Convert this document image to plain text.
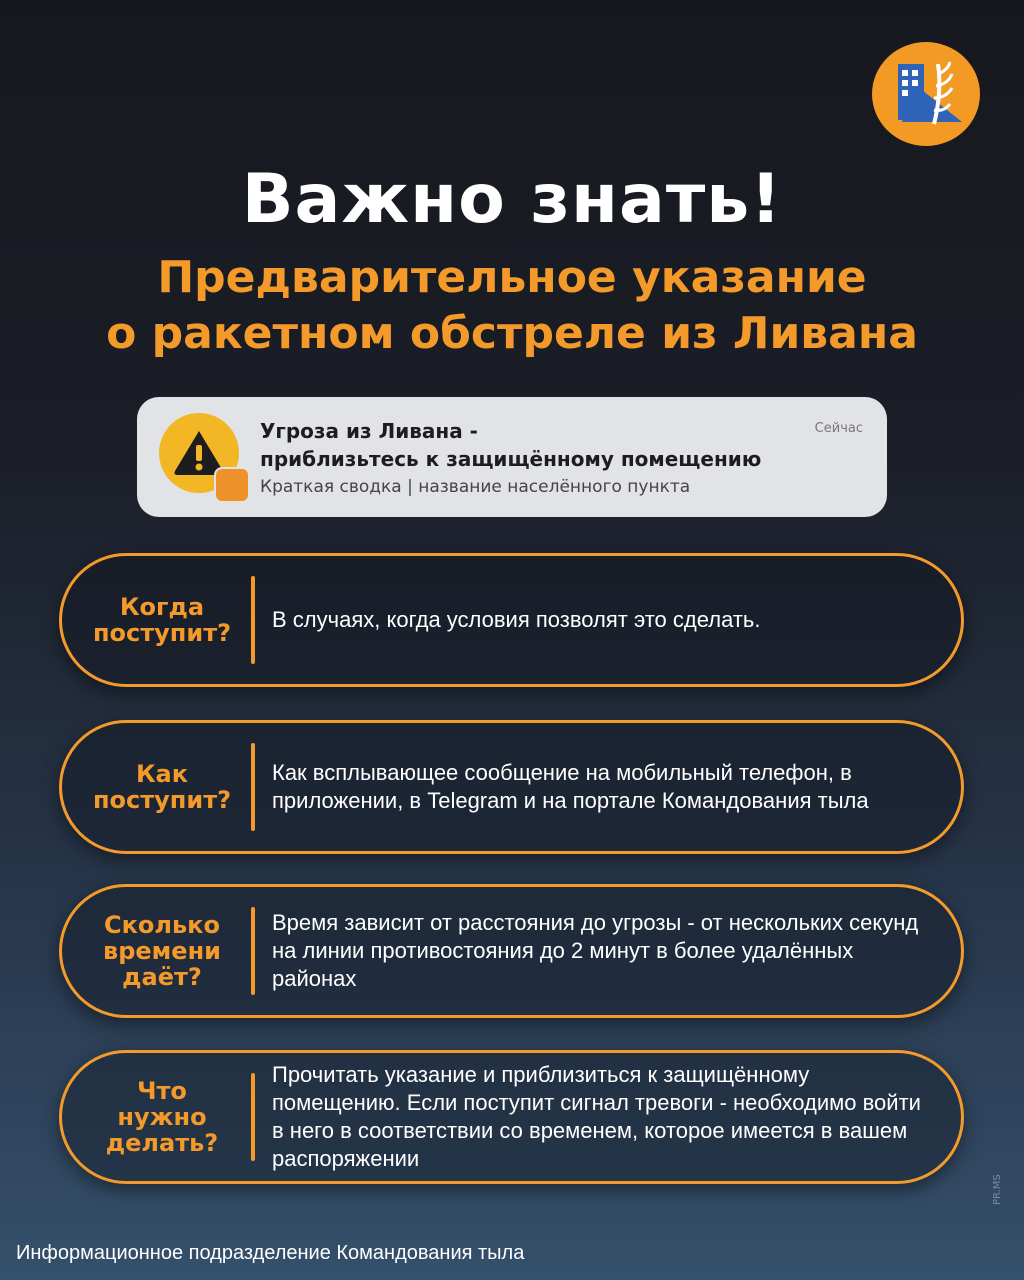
Важно знать!
Предварительное указание
о ракетном обстреле из Ливана
Угроза из Ливана -
приблизьтесь к защищённому помещению
Сейчас
Краткая сводка | название населённого пункта
Когда
поступит?	В случаях, когда условия позволят это сделать.
Как
поступит?
Как всплывающее сообщение на мобильный телефон, в приложении, в Telegram и на портале Командования тыла
Сколько
времени
даёт?
Время зависит от расстояния до угрозы - от нескольких секунд на линии противостояния до 2 минут в более удалённых районах
Что
нужно
делать?
Прочитать указание и приблизиться к защищённому помещению. Если поступит сигнал тревоги - необходимо войти в него в соответствии со временем, которое имеется в вашем распоряжении
Информационное подразделение Командования тыла
PR.MS
